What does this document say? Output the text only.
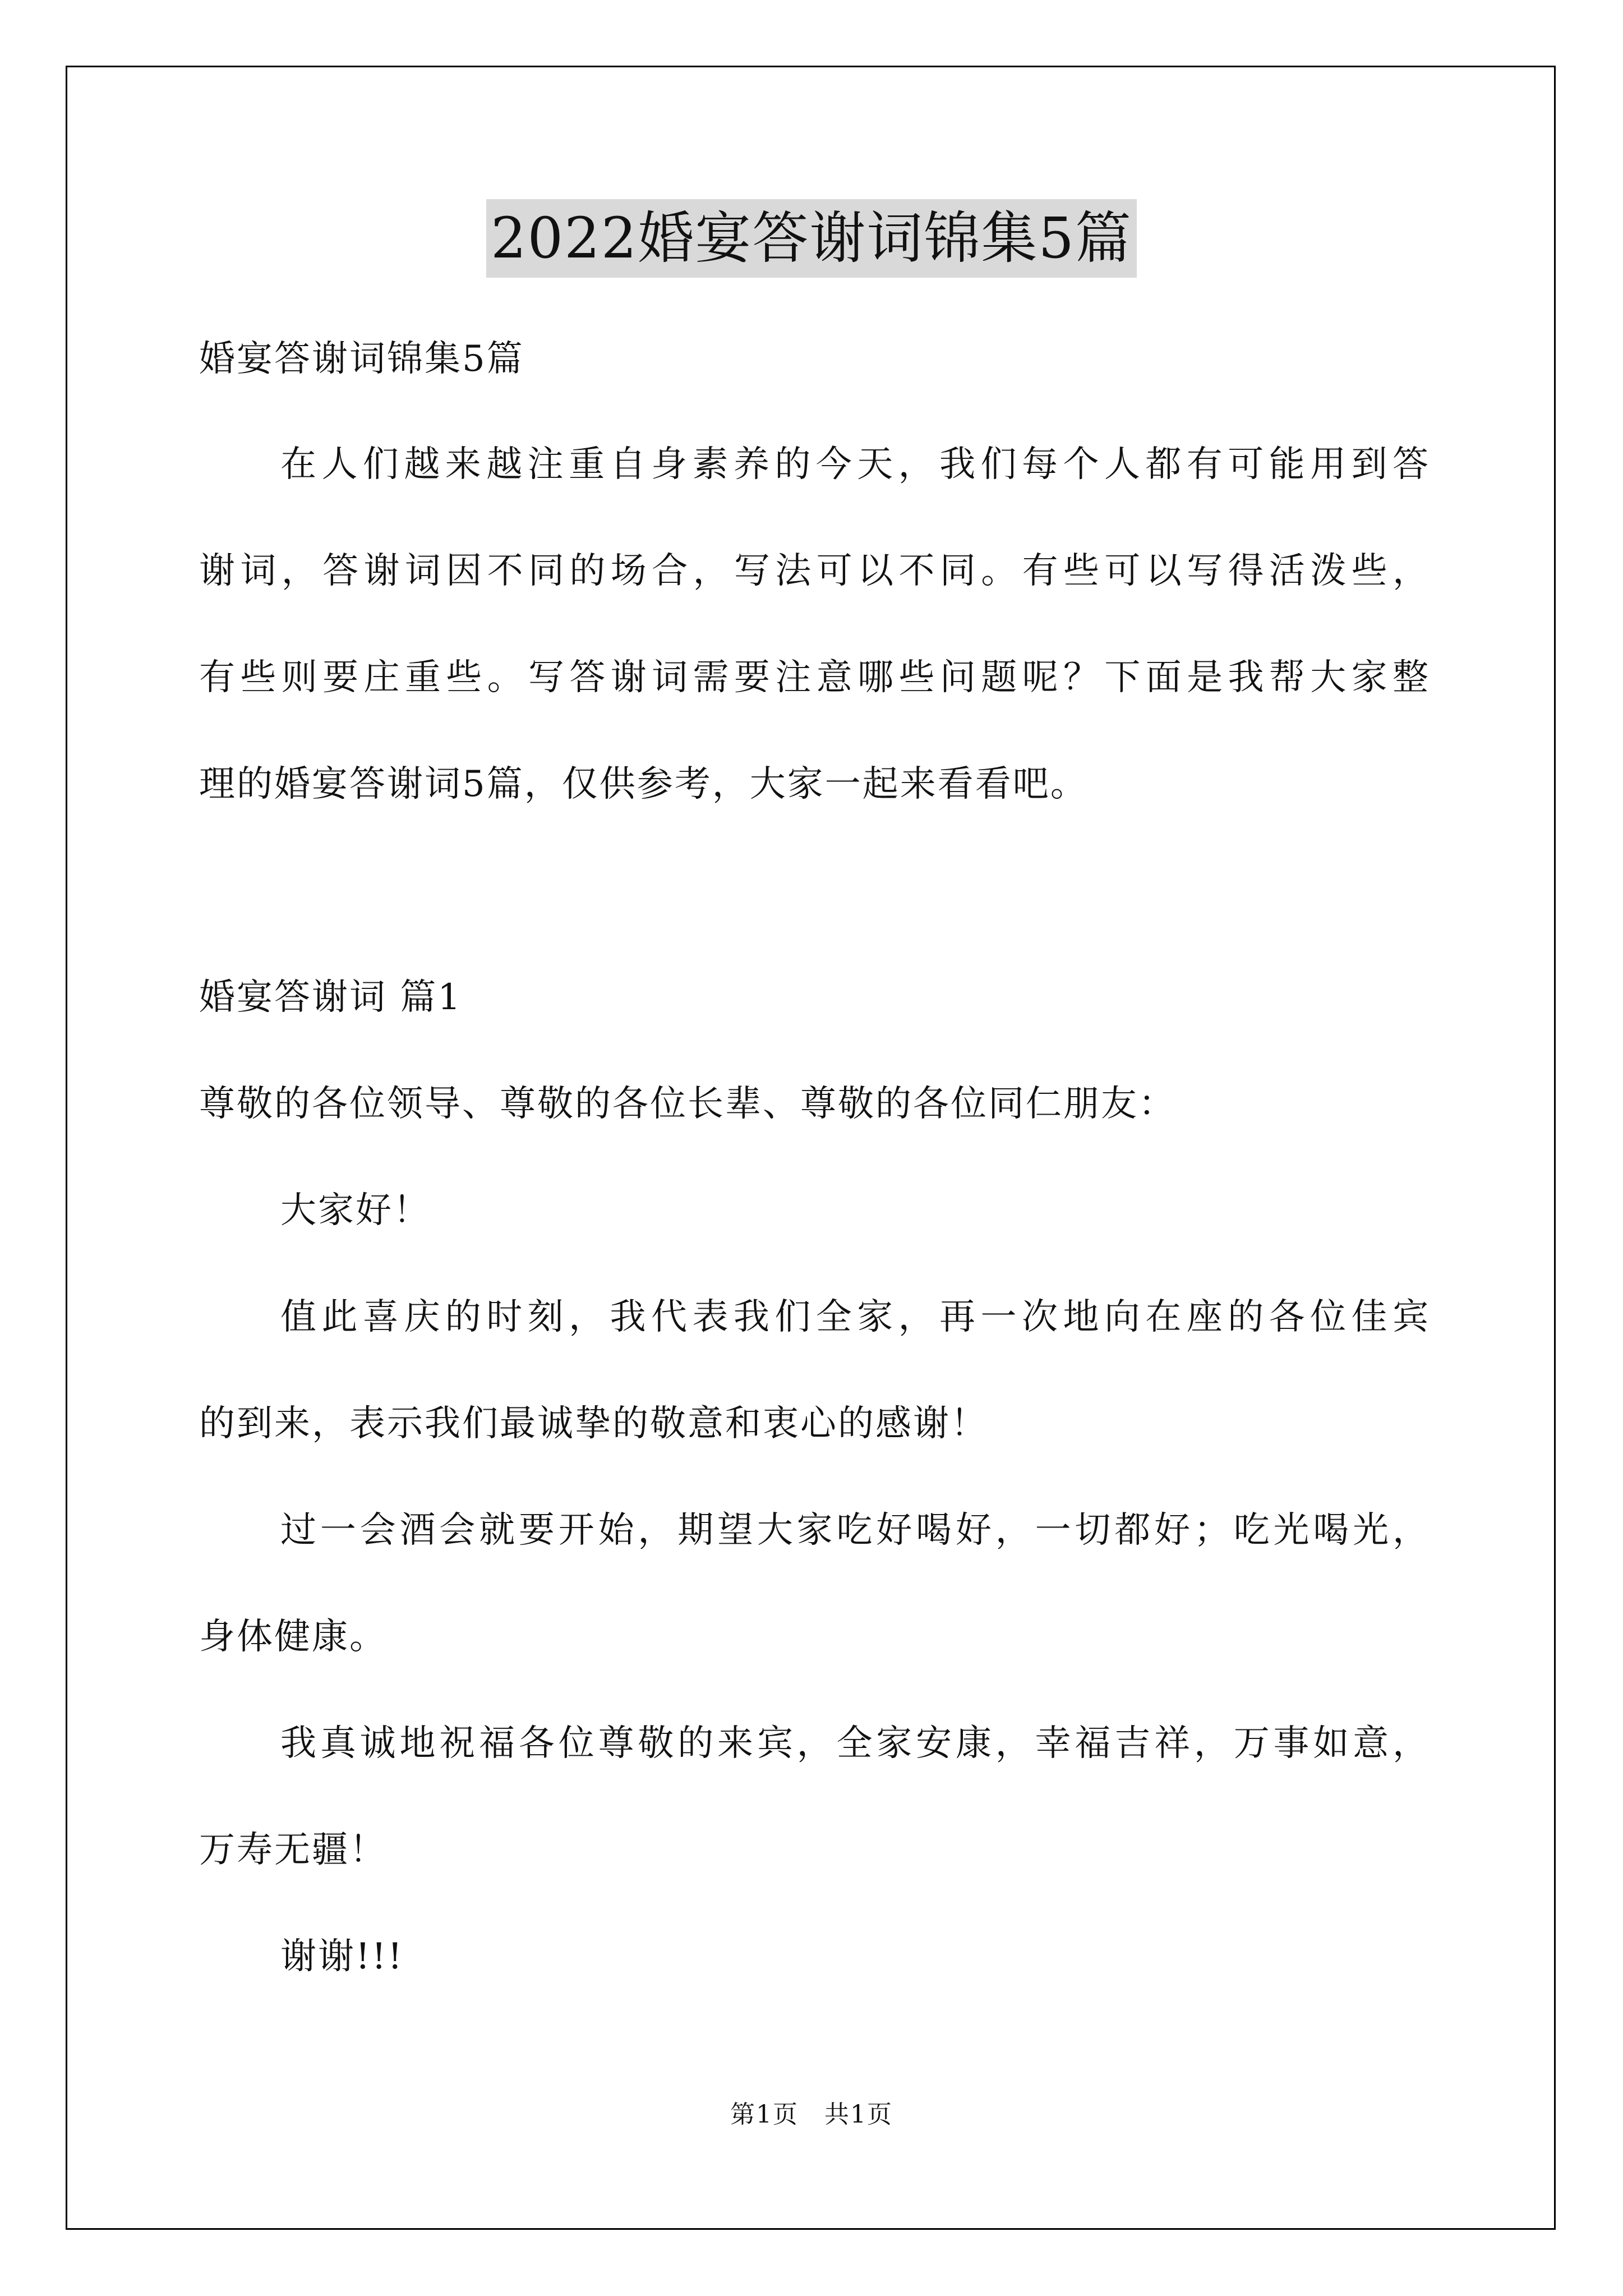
2022婚宴答谢词锦集5篇
婚宴答谢词锦集5篇
在人们越来越注重自身素养的今天，我们每个人都有可能用到答
谢词，答谢词因不同的场合，写法可以不同。有些可以写得活泼些，
有些则要庄重些。写答谢词需要注意哪些问题呢？下面是我帮大家整
理的婚宴答谢词5篇，仅供参考，大家一起来看看吧。
婚宴答谢词 篇1
尊敬的各位领导、尊敬的各位长辈、尊敬的各位同仁朋友：
大家好！
值此喜庆的时刻，我代表我们全家，再一次地向在座的各位佳宾
的到来，表示我们最诚挚的敬意和衷心的感谢！
过一会酒会就要开始，期望大家吃好喝好，一切都好；吃光喝光，
身体健康。
我真诚地祝福各位尊敬的来宾，全家安康，幸福吉祥，万事如意，
万寿无疆！
谢谢!!!
第1页　共1页
